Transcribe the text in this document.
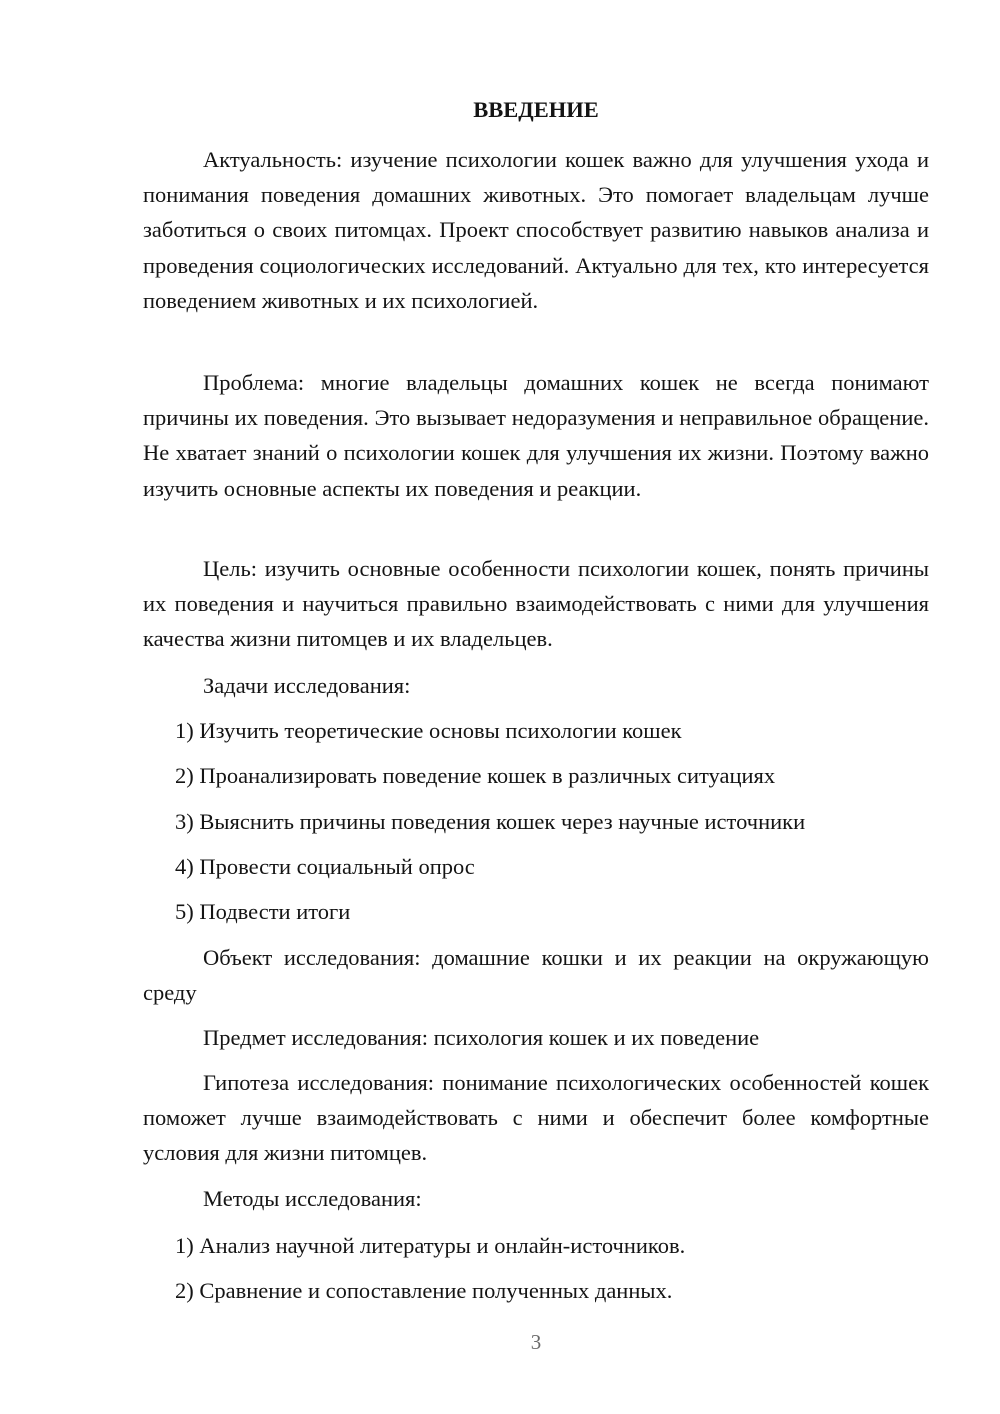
ВВЕДЕНИЕ

Актуальность: изучение психологии кошек важно для улучшения ухода и понимания поведения домашних животных. Это помогает владельцам лучше заботиться о своих питомцах. Проект способствует развитию навыков анализа и проведения социологических исследований. Актуально для тех, кто интересуется поведением животных и их психологией.

Проблема: многие владельцы домашних кошек не всегда понимают причины их поведения. Это вызывает недоразумения и неправильное обращение. Не хватает знаний о психологии кошек для улучшения их жизни. Поэтому важно изучить основные аспекты их поведения и реакции.

Цель: изучить основные особенности психологии кошек, понять причины их поведения и научиться правильно взаимодействовать с ними для улучшения качества жизни питомцев и их владельцев.

Задачи исследования:

1) Изучить теоретические основы психологии кошек

2) Проанализировать поведение кошек в различных ситуациях

3) Выяснить причины поведения кошек через научные источники

4) Провести социальный опрос

5) Подвести итоги

Объект исследования: домашние кошки и их реакции на окружающую среду

Предмет исследования: психология кошек и их поведение

Гипотеза исследования: понимание психологических особенностей кошек поможет лучше взаимодействовать с ними и обеспечит более комфортные условия для жизни питомцев.

Методы исследования:

1) Анализ научной литературы и онлайн-источников.

2) Сравнение и сопоставление полученных данных.

3
